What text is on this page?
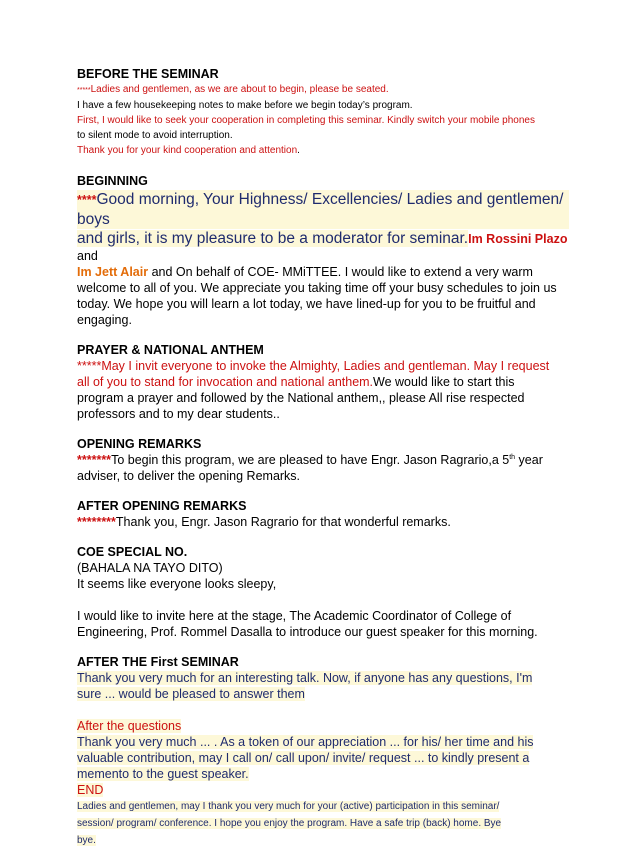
BEFORE THE SEMINAR

*****Ladies and gentlemen, as we are about to begin, please be seated.

I have a few housekeeping notes to make before we begin today’s program.

First, I would like to seek your cooperation in completing this seminar. Kindly switch your mobile phones

to silent mode to avoid interruption.

Thank you for your kind cooperation and attention.

BEGINNING

****Good morning, Your Highness/ Excellencies/ Ladies and gentlemen/ boys

and girls, it is my pleasure to be a moderator for seminar.Im Rossini Plazo and

Im Jett Alair and On behalf of COE- MMiTTEE. I would like to extend a very warm

welcome to all of you. We appreciate you taking time off your busy schedules to join us

today. We hope you will learn a lot today, we have lined-up for you to be fruitful and

engaging.

PRAYER & NATIONAL ANTHEM

*****May I invit everyone to invoke the Almighty, Ladies and gentleman. May I request

all of you to stand for invocation and national anthem.We would like to start this

program a prayer and followed by the National anthem,, please All rise respected

professors and to my dear students..

OPENING REMARKS

*******To begin this program, we are pleased to have Engr. Jason Ragrario,a 5th year

adviser, to deliver the opening Remarks.

AFTER OPENING REMARKS

********Thank you, Engr. Jason Ragrario for that wonderful remarks.

COE SPECIAL NO.

(BAHALA NA TAYO DITO)

It seems like everyone looks sleepy,

I would like to invite here at the stage, The Academic Coordinator of College of

Engineering, Prof. Rommel Dasalla to introduce our guest speaker for this morning.

AFTER THE First SEMINAR

Thank you very much for an interesting talk. Now, if anyone has any questions, I'm

sure ... would be pleased to answer them

After the questions

Thank you very much ... . As a token of our appreciation ... for his/ her time and his

valuable contribution, may I call on/ call upon/ invite/ request ... to kindly present a

memento to the guest speaker.

END

Ladies and gentlemen, may I thank you very much for your (active) participation in this seminar/

session/ program/ conference. I hope you enjoy the program. Have a safe trip (back) home. Bye

bye.
